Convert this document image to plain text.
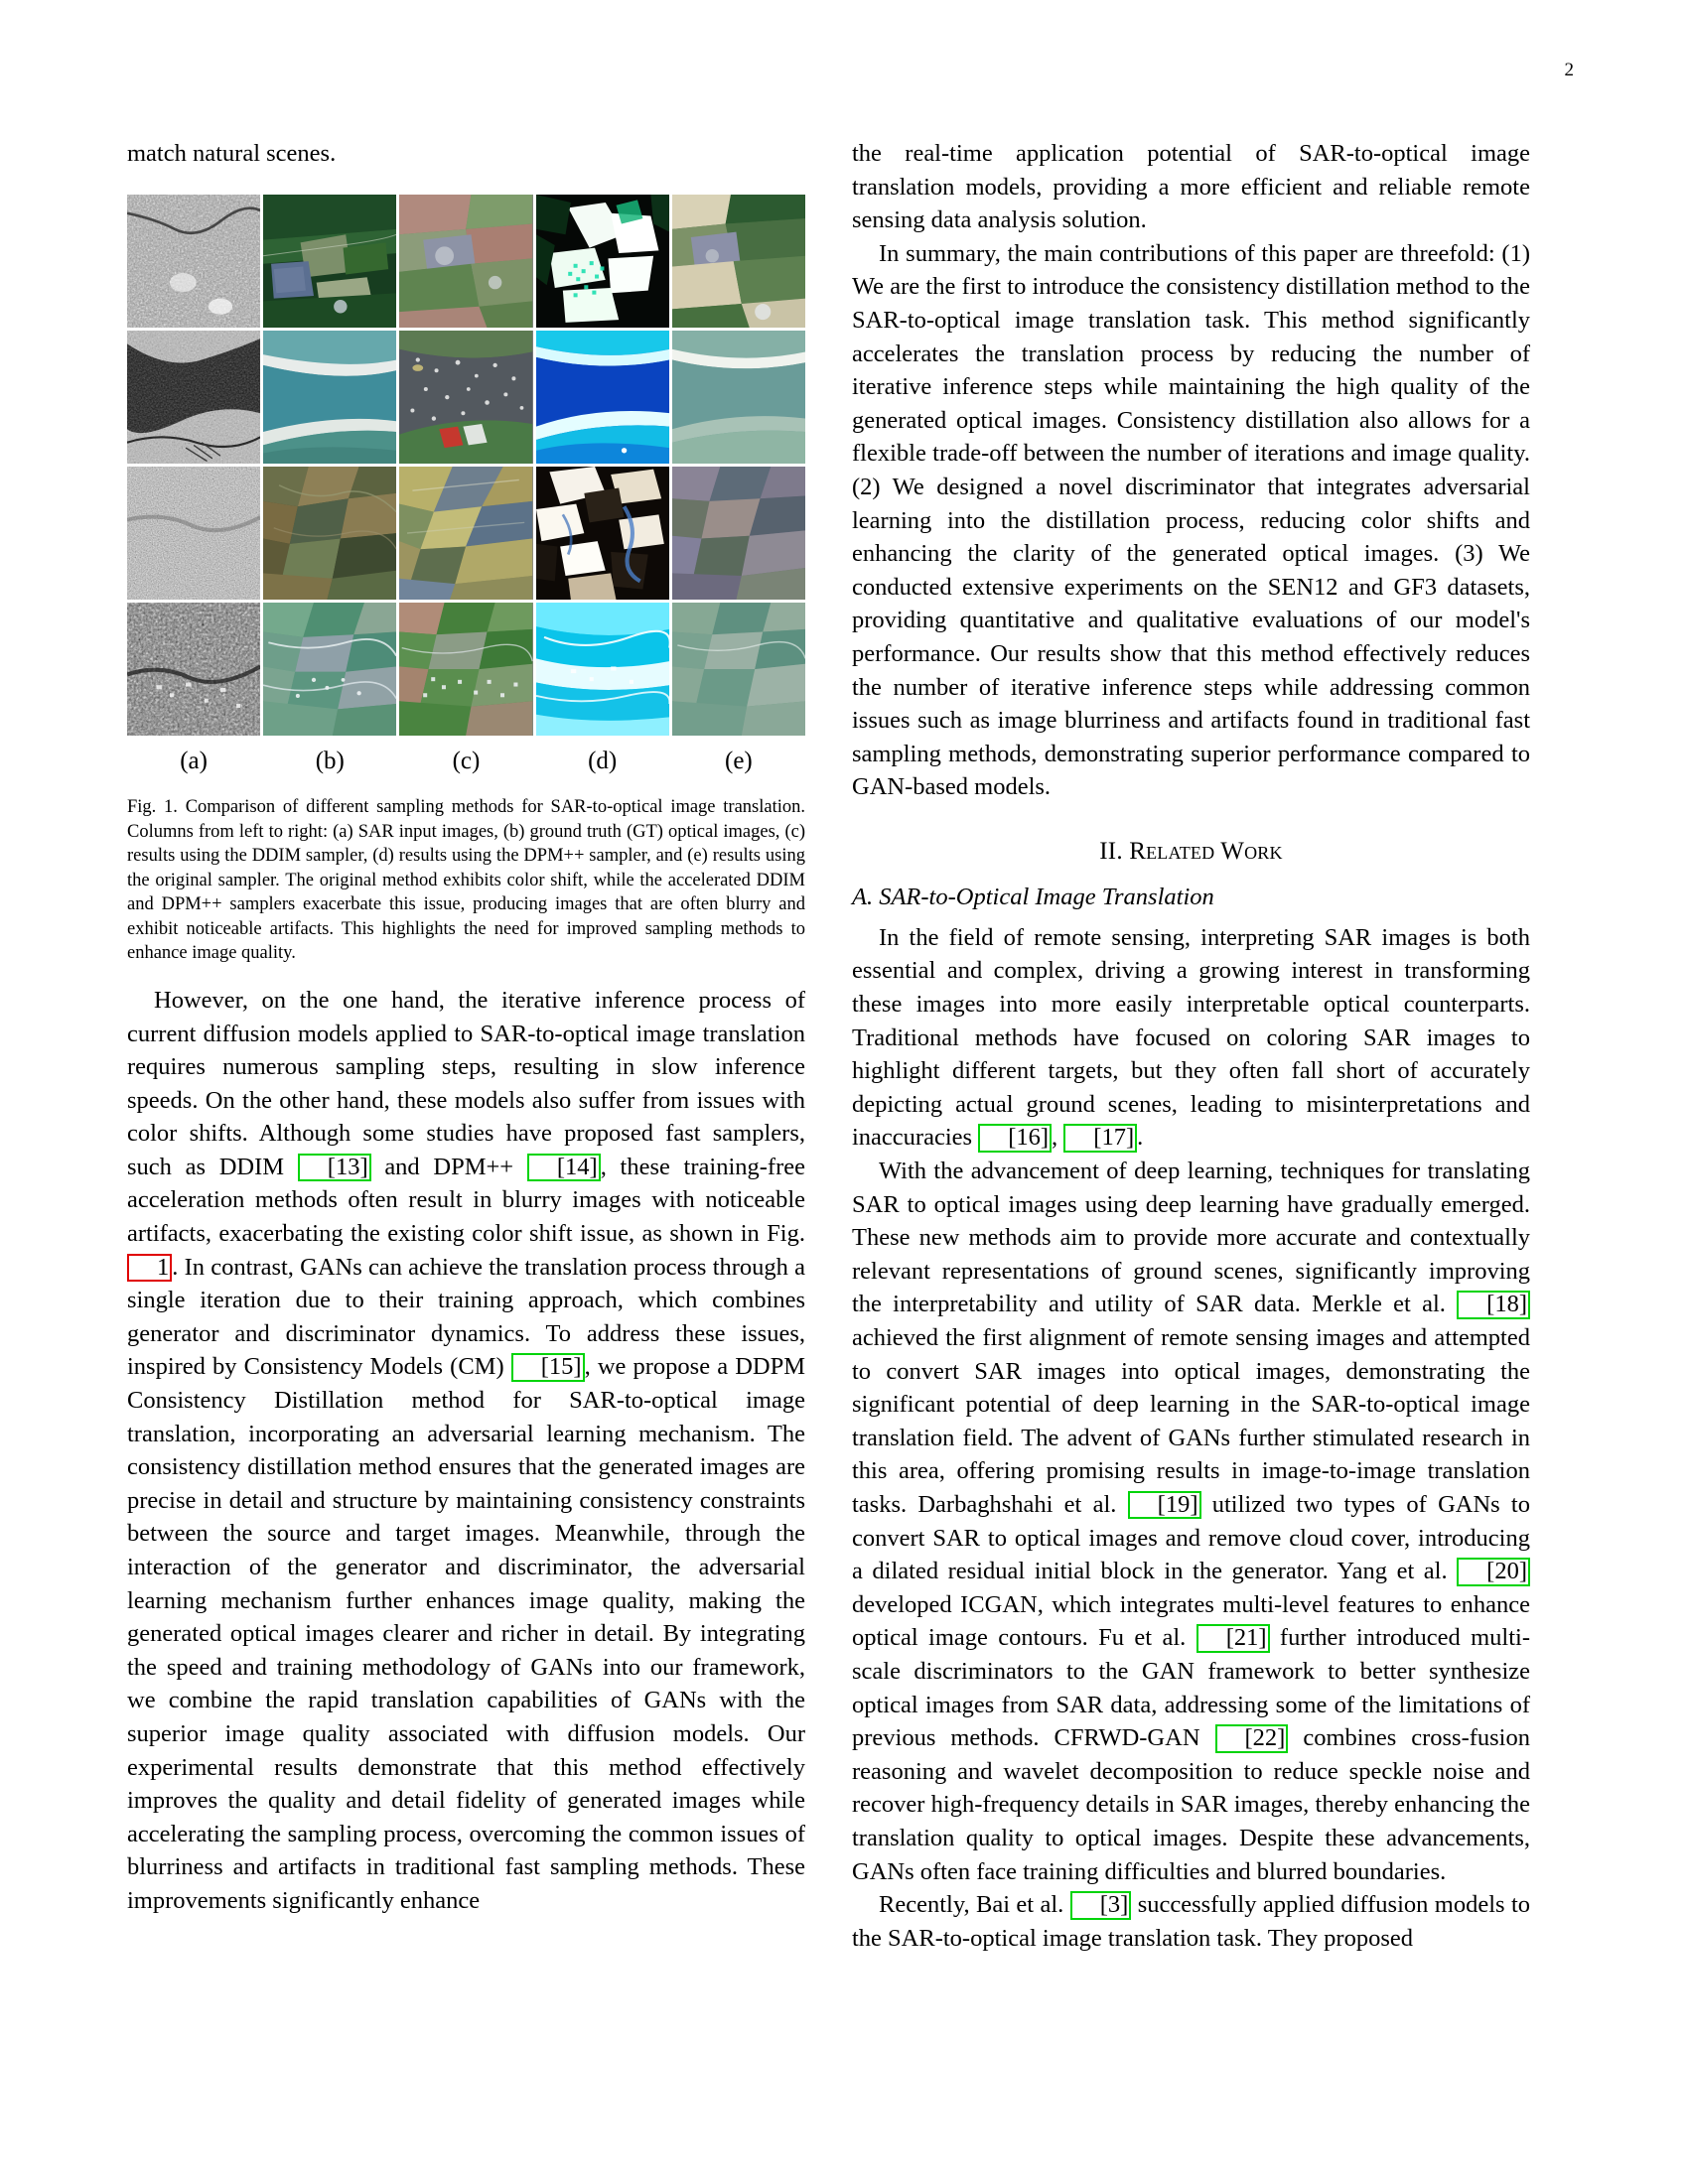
2

match natural scenes.

(a)	(b)	(c)	(d)	(e)
Fig. 1. Comparison of different sampling methods for SAR-to-optical image translation. Columns from left to right: (a) SAR input images, (b) ground truth (GT) optical images, (c) results using the DDIM sampler, (d) results using the DPM++ sampler, and (e) results using the original sampler. The original method exhibits color shift, while the accelerated DDIM and DPM++ samplers exacerbate this issue, producing images that are often blurry and exhibit noticeable artifacts. This highlights the need for improved sampling methods to enhance image quality.

However, on the one hand, the iterative inference process of current diffusion models applied to SAR-to-optical image translation requires numerous sampling steps, resulting in slow inference speeds. On the other hand, these models also suffer from issues with color shifts. Although some studies have proposed fast samplers, such as DDIM [13] and DPM++ [14] , these training-free acceleration methods often result in blurry images with noticeable artifacts, exacerbating the existing color shift issue, as shown in Fig. 1 . In contrast, GANs can achieve the translation process through a single iteration due to their training approach, which combines generator and discriminator dynamics. To address these issues, inspired by Consistency Models (CM) [15] , we propose a DDPM Consistency Distillation method for SAR-to-optical image translation, incorporating an adversarial learning mechanism. The consistency distillation method ensures that the generated images are precise in detail and structure by maintaining consistency constraints between the source and target images. Meanwhile, through the interaction of the generator and discriminator, the adversarial learning mechanism further enhances image quality, making the generated optical images clearer and richer in detail. By integrating the speed and training methodology of GANs into our framework, we combine the rapid translation capabilities of GANs with the superior image quality associated with diffusion models. Our experimental results demonstrate that this method effectively improves the quality and detail fidelity of generated images while accelerating the sampling process, overcoming the common issues of blurriness and artifacts in traditional fast sampling methods. These improvements significantly enhance

the real-time application potential of SAR-to-optical image translation models, providing a more efficient and reliable remote sensing data analysis solution.

In summary, the main contributions of this paper are threefold: (1) We are the first to introduce the consistency distillation method to the SAR-to-optical image translation task. This method significantly accelerates the translation process by reducing the number of iterative inference steps while maintaining the high quality of the generated optical images. Consistency distillation also allows for a flexible trade-off between the number of iterations and image quality. (2) We designed a novel discriminator that integrates adversarial learning into the distillation process, reducing color shifts and enhancing the clarity of the generated optical images. (3) We conducted extensive experiments on the SEN12 and GF3 datasets, providing quantitative and qualitative evaluations of our model's performance. Our results show that this method effectively reduces the number of iterative inference steps while addressing common issues such as image blurriness and artifacts found in traditional fast sampling methods, demonstrating superior performance compared to GAN-based models.

II. Related Work
A. SAR-to-Optical Image Translation

In the field of remote sensing, interpreting SAR images is both essential and complex, driving a growing interest in transforming these images into more easily interpretable optical counterparts. Traditional methods have focused on coloring SAR images to highlight different targets, but they often fall short of accurately depicting actual ground scenes, leading to misinterpretations and inaccuracies [16] , [17] .

With the advancement of deep learning, techniques for translating SAR to optical images using deep learning have gradually emerged. These new methods aim to provide more accurate and contextually relevant representations of ground scenes, significantly improving the interpretability and utility of SAR data. Merkle et al. [18] achieved the first alignment of remote sensing images and attempted to convert SAR images into optical images, demonstrating the significant potential of deep learning in the SAR-to-optical image translation field. The advent of GANs further stimulated research in this area, offering promising results in image-to-image translation tasks. Darbaghshahi et al. [19] utilized two types of GANs to convert SAR to optical images and remove cloud cover, introducing a dilated residual initial block in the generator. Yang et al. [20] developed ICGAN, which integrates multi-level features to enhance optical image contours. Fu et al. [21] further introduced multi-scale discriminators to the GAN framework to better synthesize optical images from SAR data, addressing some of the limitations of previous methods. CFRWD-GAN [22] combines cross-fusion reasoning and wavelet decomposition to reduce speckle noise and recover high-frequency details in SAR images, thereby enhancing the translation quality to optical images. Despite these advancements, GANs often face training difficulties and blurred boundaries.

Recently, Bai et al. [3] successfully applied diffusion models to the SAR-to-optical image translation task. They proposed
